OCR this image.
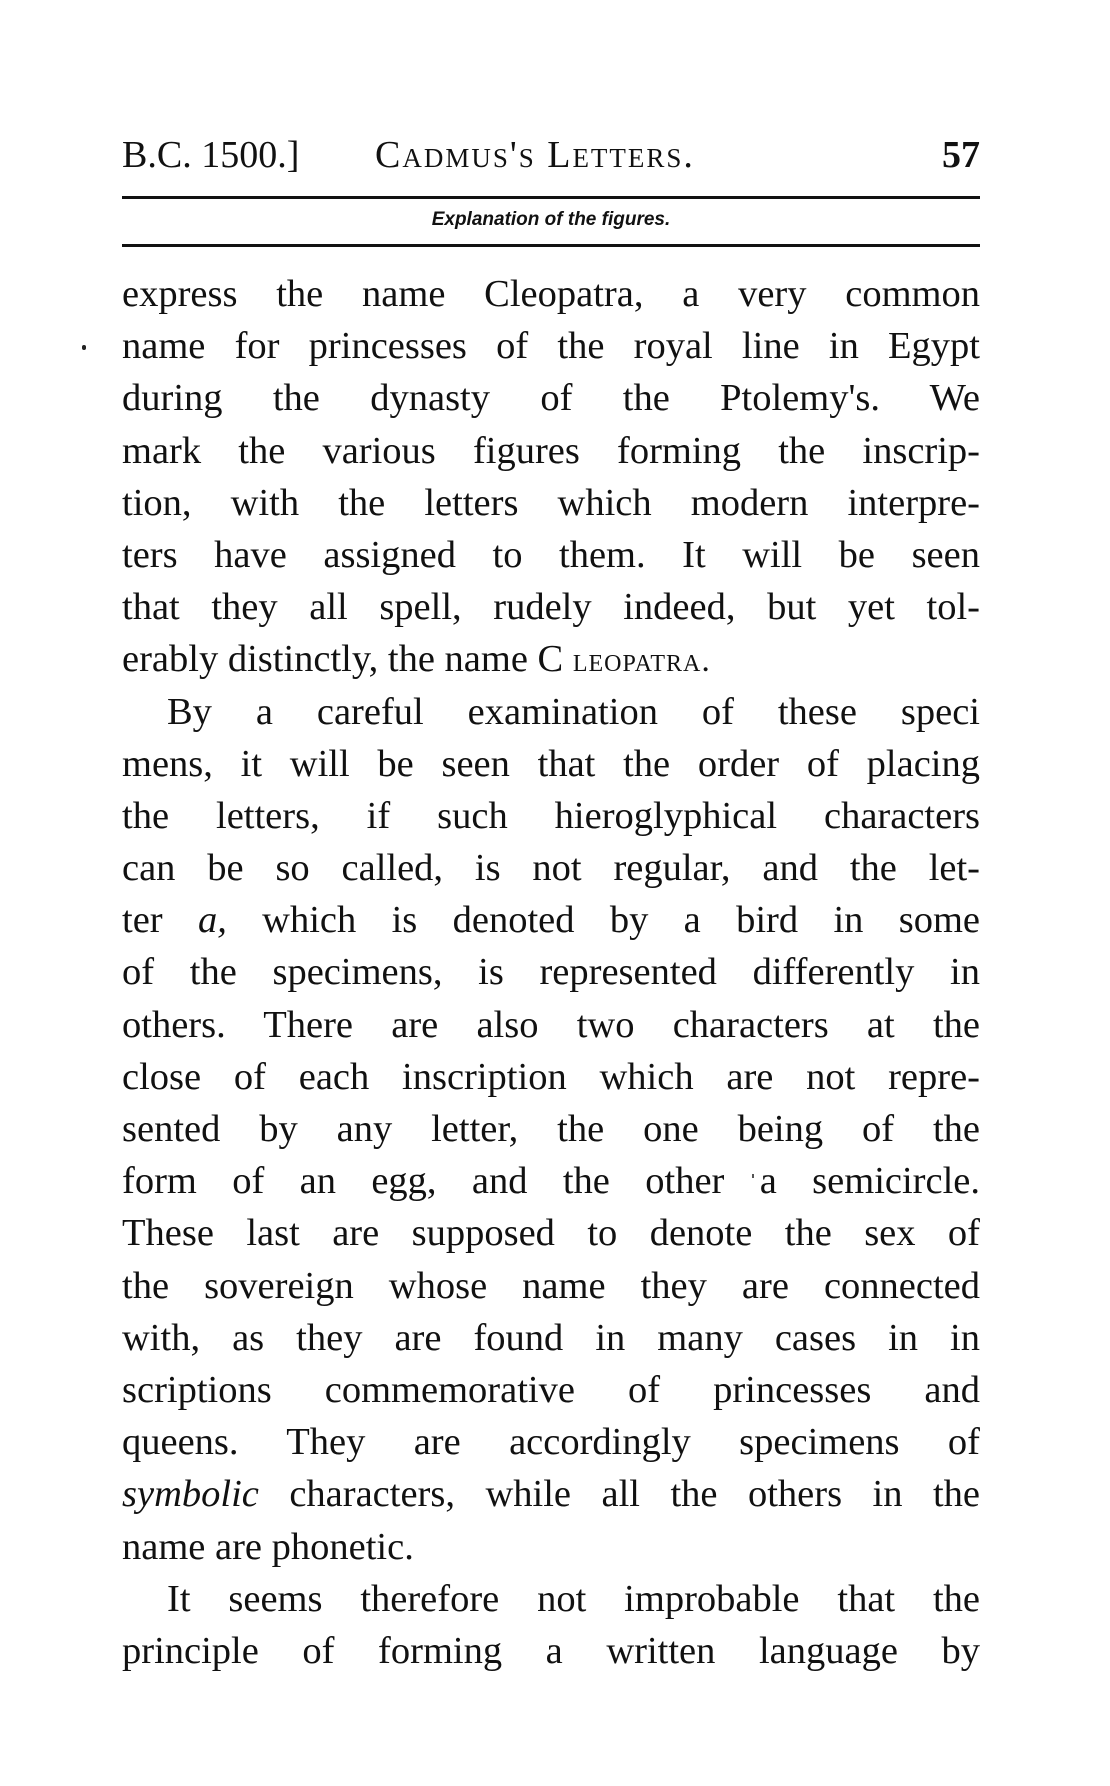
B.C. 1500.] Cadmus's Letters.	57
Explanation of the figures.
express the name Cleopatra, a very common
name for princesses of the royal line in Egypt
during the dynasty of the Ptolemy's. We
mark the various figures forming the inscrip-
tion, with the letters which modern interpre-
ters have assigned to them. It will be seen
that they all spell, rudely indeed, but yet tol-
erably distinctly, the name C leopatra.
By a careful examination of these speci
mens, it will be seen that the order of placing
the letters, if such hieroglyphical characters
can be so called, is not regular, and the let-
ter a, which is denoted by a bird in some
of the specimens, is represented differently in
others. There are also two characters at the
close of each inscription which are not repre-
sented by any letter, the one being of the
form of an egg, and the other a semicircle.
These last are supposed to denote the sex of
the sovereign whose name they are connected
with, as they are found in many cases in in
scriptions commemorative of princesses and
queens. They are accordingly specimens of
symbolic characters, while all the others in the
name are phonetic.
It seems therefore not improbable that the
principle of forming a written language by
